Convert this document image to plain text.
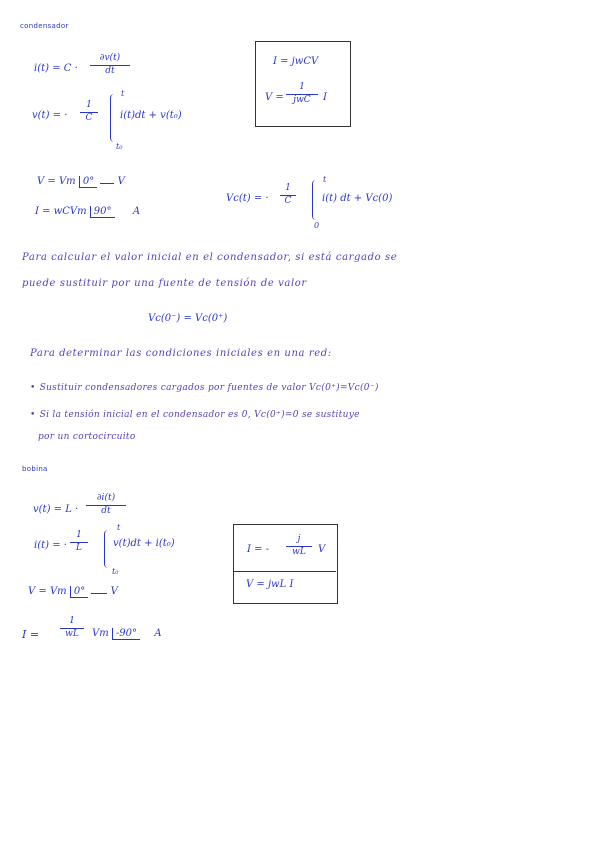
condensador
i(t) = C ·
∂v(t)
dt
v(t) = ·
1
C
t
t₀
i(t)dt + v(t₀)
I = jwCV
V =
1
jwC	I
V = Vm 0° V
I = wCVm 90° A
Vc(t) = ·
1
C
t
0
i(t) dt + Vc(0)
Para calcular el valor inicial en el condensador, si está cargado se
puede sustituir por una fuente de tensión de valor
Vc(0⁻) = Vc(0⁺)
Para determinar las condiciones iniciales en una red:
• Sustituir condensadores cargados por fuentes de valor Vc(0⁺)=Vc(0⁻)
• Si la tensión inicial en el condensador es 0, Vc(0⁺)=0 se sustituye
por un cortocircuito
bobina
v(t) = L ·
∂i(t)
dt
i(t) = ·
1
L
t
t₀
v(t)dt + i(t₀)
I = -
j
wL	V
V = jwL I
V = Vm 0°	V
I =
1
wL	Vm -90° A
